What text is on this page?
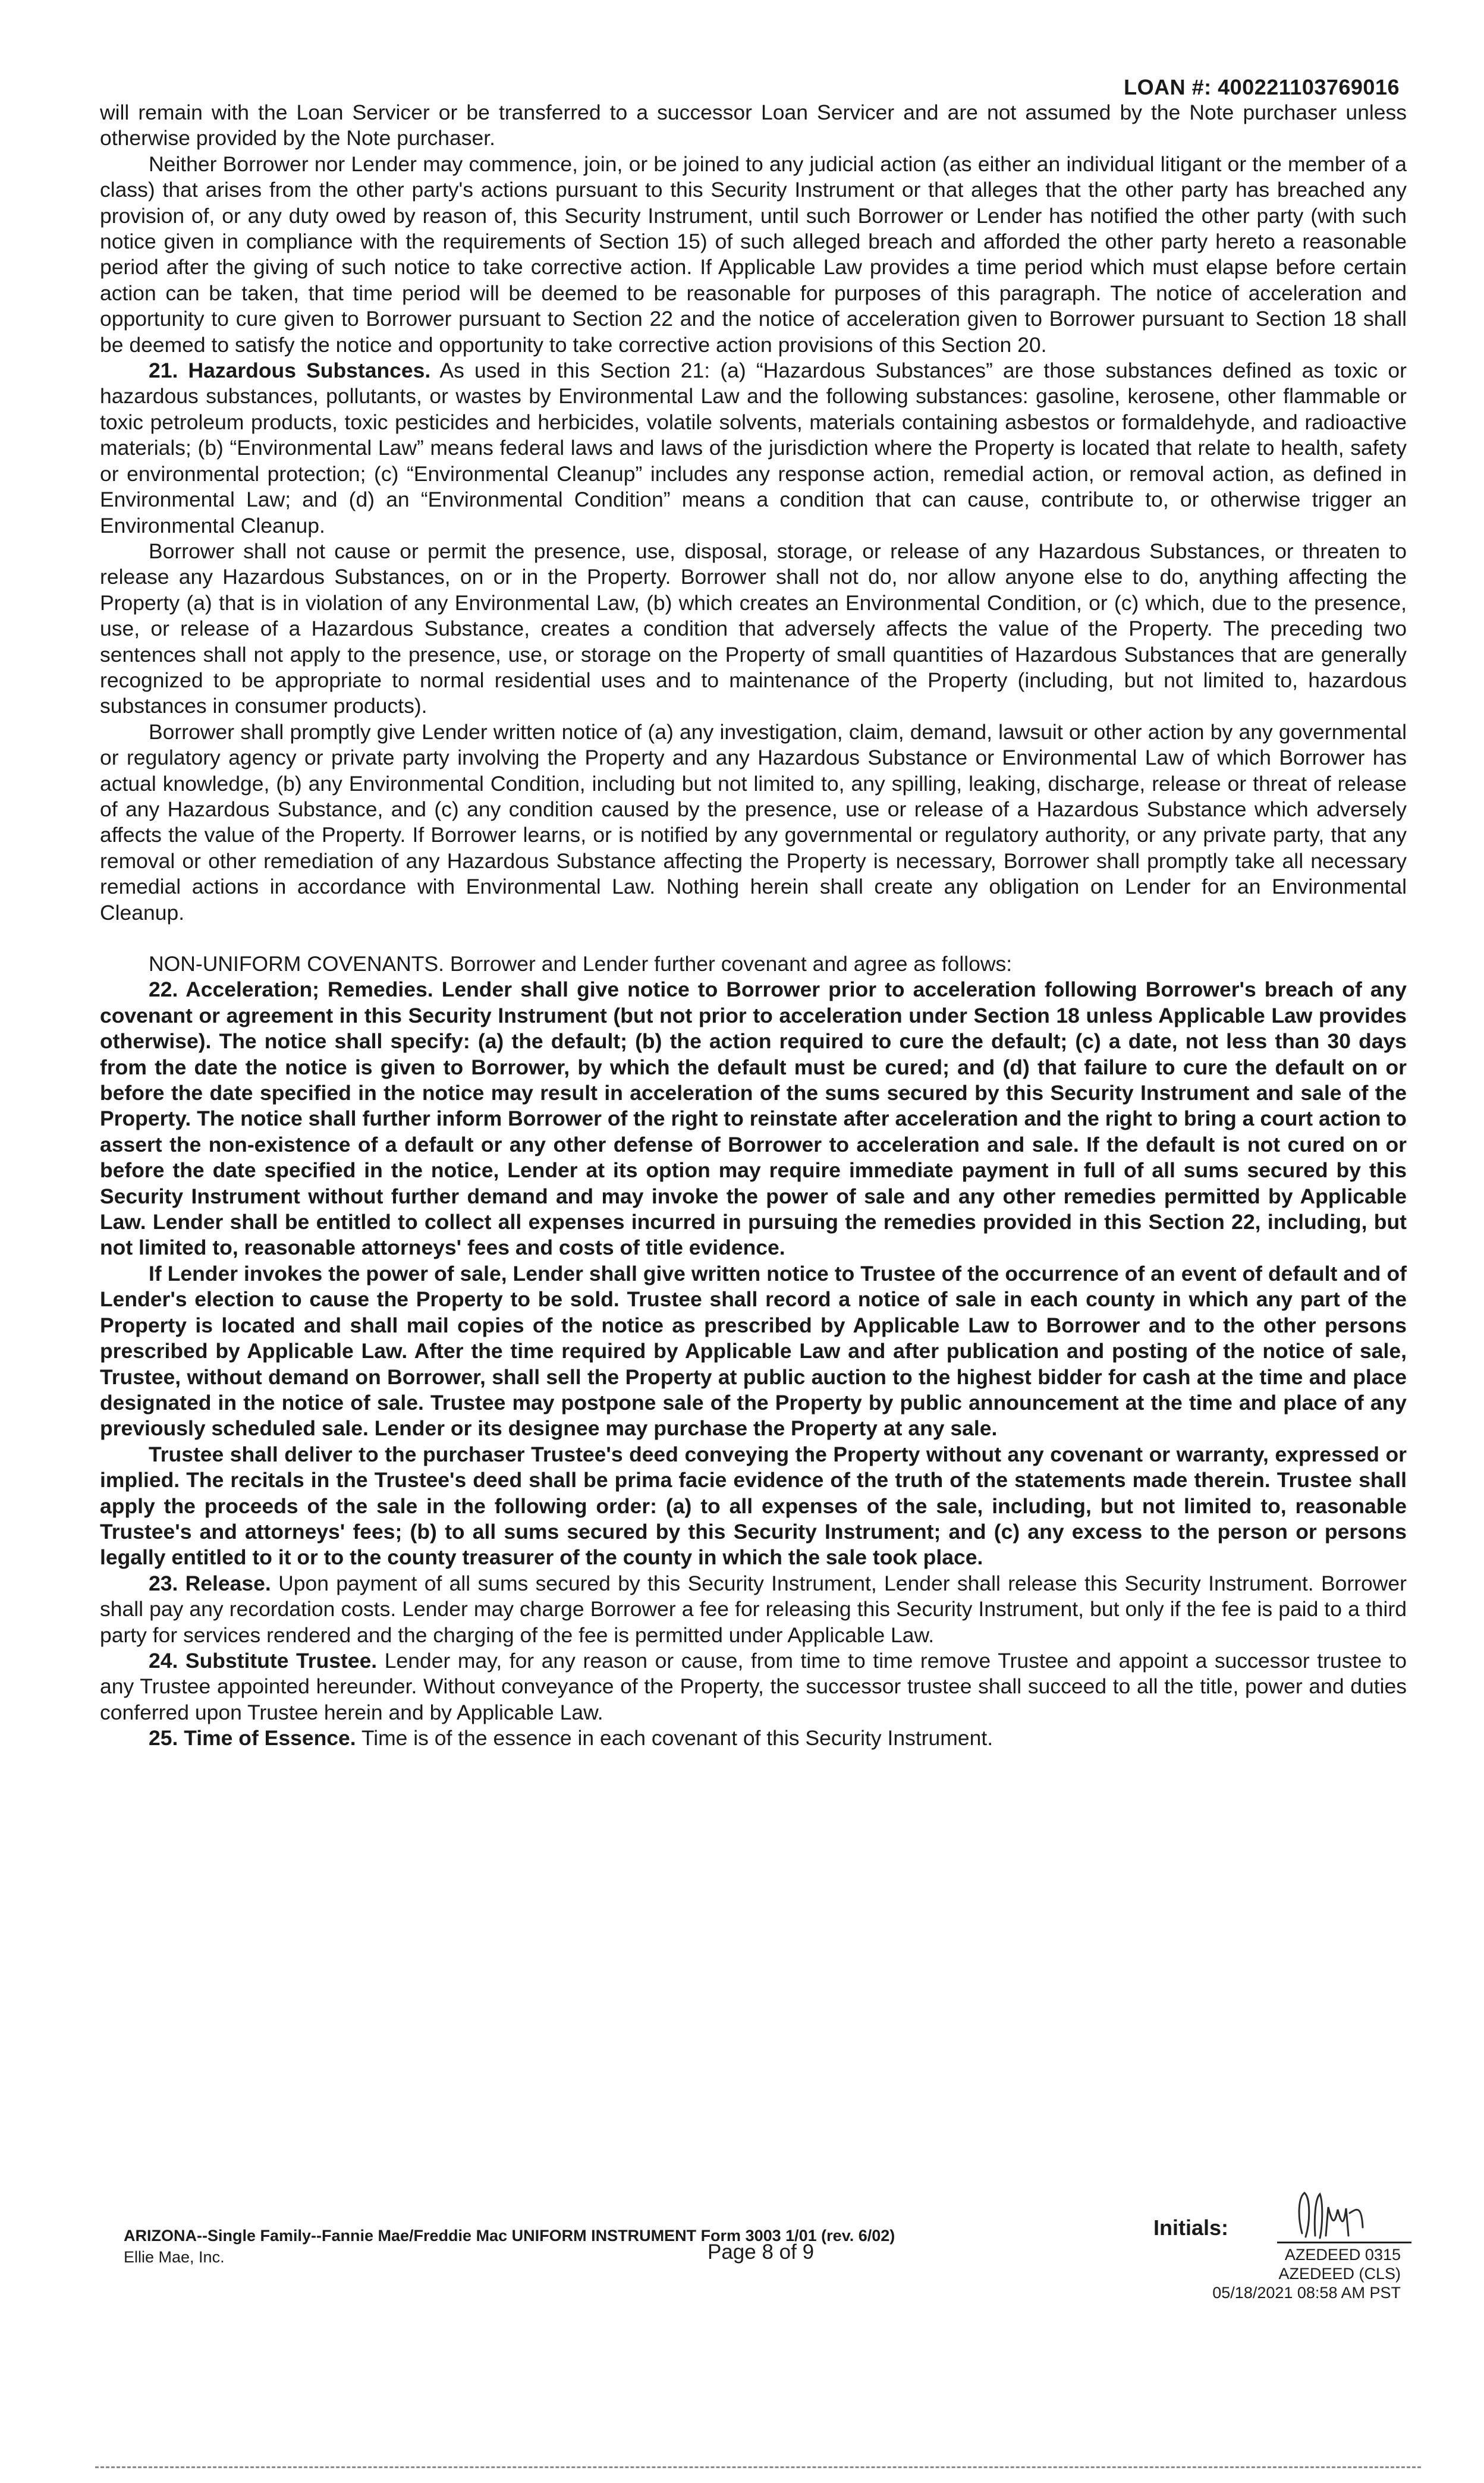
LOAN #: 400221103769016

will remain with the Loan Servicer or be transferred to a successor Loan Servicer and are not assumed by the Note purchaser unless otherwise provided by the Note purchaser.

Neither Borrower nor Lender may commence, join, or be joined to any judicial action (as either an individual litigant or the member of a class) that arises from the other party's actions pursuant to this Security Instrument or that alleges that the other party has breached any provision of, or any duty owed by reason of, this Security Instrument, until such Borrower or Lender has notified the other party (with such notice given in compliance with the requirements of Section 15) of such alleged breach and afforded the other party hereto a reasonable period after the giving of such notice to take corrective action. If Applicable Law provides a time period which must elapse before certain action can be taken, that time period will be deemed to be reasonable for purposes of this paragraph. The notice of acceleration and opportunity to cure given to Borrower pursuant to Section 22 and the notice of acceleration given to Borrower pursuant to Section 18 shall be deemed to satisfy the notice and opportunity to take corrective action provisions of this Section 20.

21. Hazardous Substances. As used in this Section 21: (a) “Hazardous Substances” are those substances defined as toxic or hazardous substances, pollutants, or wastes by Environmental Law and the following substances: gasoline, kerosene, other flammable or toxic petroleum products, toxic pesticides and herbicides, volatile solvents, materials containing asbestos or formaldehyde, and radioactive materials; (b) “Environmental Law” means federal laws and laws of the jurisdiction where the Property is located that relate to health, safety or environmental protection; (c) “Environmental Cleanup” includes any response action, remedial action, or removal action, as defined in Environmental Law; and (d) an “Environmental Condition” means a condition that can cause, contribute to, or otherwise trigger an Environmental Cleanup.

Borrower shall not cause or permit the presence, use, disposal, storage, or release of any Hazardous Substances, or threaten to release any Hazardous Substances, on or in the Property. Borrower shall not do, nor allow anyone else to do, anything affecting the Property (a) that is in violation of any Environmental Law, (b) which creates an Environmental Condition, or (c) which, due to the presence, use, or release of a Hazardous Substance, creates a condition that adversely affects the value of the Property. The preceding two sentences shall not apply to the presence, use, or storage on the Property of small quantities of Hazardous Substances that are generally recognized to be appropriate to normal residential uses and to maintenance of the Property (including, but not limited to, hazardous substances in consumer products).

Borrower shall promptly give Lender written notice of (a) any investigation, claim, demand, lawsuit or other action by any governmental or regulatory agency or private party involving the Property and any Hazardous Substance or Environmental Law of which Borrower has actual knowledge, (b) any Environmental Condition, including but not limited to, any spilling, leaking, discharge, release or threat of release of any Hazardous Substance, and (c) any condition caused by the presence, use or release of a Hazardous Substance which adversely affects the value of the Property. If Borrower learns, or is notified by any governmental or regulatory authority, or any private party, that any removal or other remediation of any Hazardous Substance affecting the Property is necessary, Borrower shall promptly take all necessary remedial actions in accordance with Environmental Law. Nothing herein shall create any obligation on Lender for an Environmental Cleanup.

NON-UNIFORM COVENANTS. Borrower and Lender further covenant and agree as follows:

22. Acceleration; Remedies. Lender shall give notice to Borrower prior to acceleration following Borrower's breach of any covenant or agreement in this Security Instrument (but not prior to acceleration under Section 18 unless Applicable Law provides otherwise). The notice shall specify: (a) the default; (b) the action required to cure the default; (c) a date, not less than 30 days from the date the notice is given to Borrower, by which the default must be cured; and (d) that failure to cure the default on or before the date specified in the notice may result in acceleration of the sums secured by this Security Instrument and sale of the Property. The notice shall further inform Borrower of the right to reinstate after acceleration and the right to bring a court action to assert the non-existence of a default or any other defense of Borrower to acceleration and sale. If the default is not cured on or before the date specified in the notice, Lender at its option may require immediate payment in full of all sums secured by this Security Instrument without further demand and may invoke the power of sale and any other remedies permitted by Applicable Law. Lender shall be entitled to collect all expenses incurred in pursuing the remedies provided in this Section 22, including, but not limited to, reasonable attorneys' fees and costs of title evidence.

If Lender invokes the power of sale, Lender shall give written notice to Trustee of the occurrence of an event of default and of Lender's election to cause the Property to be sold. Trustee shall record a notice of sale in each county in which any part of the Property is located and shall mail copies of the notice as prescribed by Applicable Law to Borrower and to the other persons prescribed by Applicable Law. After the time required by Applicable Law and after publication and posting of the notice of sale, Trustee, without demand on Borrower, shall sell the Property at public auction to the highest bidder for cash at the time and place designated in the notice of sale. Trustee may postpone sale of the Property by public announcement at the time and place of any previously scheduled sale. Lender or its designee may purchase the Property at any sale.

Trustee shall deliver to the purchaser Trustee's deed conveying the Property without any covenant or warranty, expressed or implied. The recitals in the Trustee's deed shall be prima facie evidence of the truth of the statements made therein. Trustee shall apply the proceeds of the sale in the following order: (a) to all expenses of the sale, including, but not limited to, reasonable Trustee's and attorneys' fees; (b) to all sums secured by this Security Instrument; and (c) any excess to the person or persons legally entitled to it or to the county treasurer of the county in which the sale took place.

23. Release. Upon payment of all sums secured by this Security Instrument, Lender shall release this Security Instrument. Borrower shall pay any recordation costs. Lender may charge Borrower a fee for releasing this Security Instrument, but only if the fee is paid to a third party for services rendered and the charging of the fee is permitted under Applicable Law.

24. Substitute Trustee. Lender may, for any reason or cause, from time to time remove Trustee and appoint a successor trustee to any Trustee appointed hereunder. Without conveyance of the Property, the successor trustee shall succeed to all the title, power and duties conferred upon Trustee herein and by Applicable Law.

25. Time of Essence. Time is of the essence in each covenant of this Security Instrument.

ARIZONA--Single Family--Fannie Mae/Freddie Mac UNIFORM INSTRUMENT Form 3003 1/01 (rev. 6/02)
Ellie Mae, Inc.	Page 8 of 9
Initials:
AZEDEED 0315
AZEDEED (CLS)
05/18/2021 08:58 AM PST
